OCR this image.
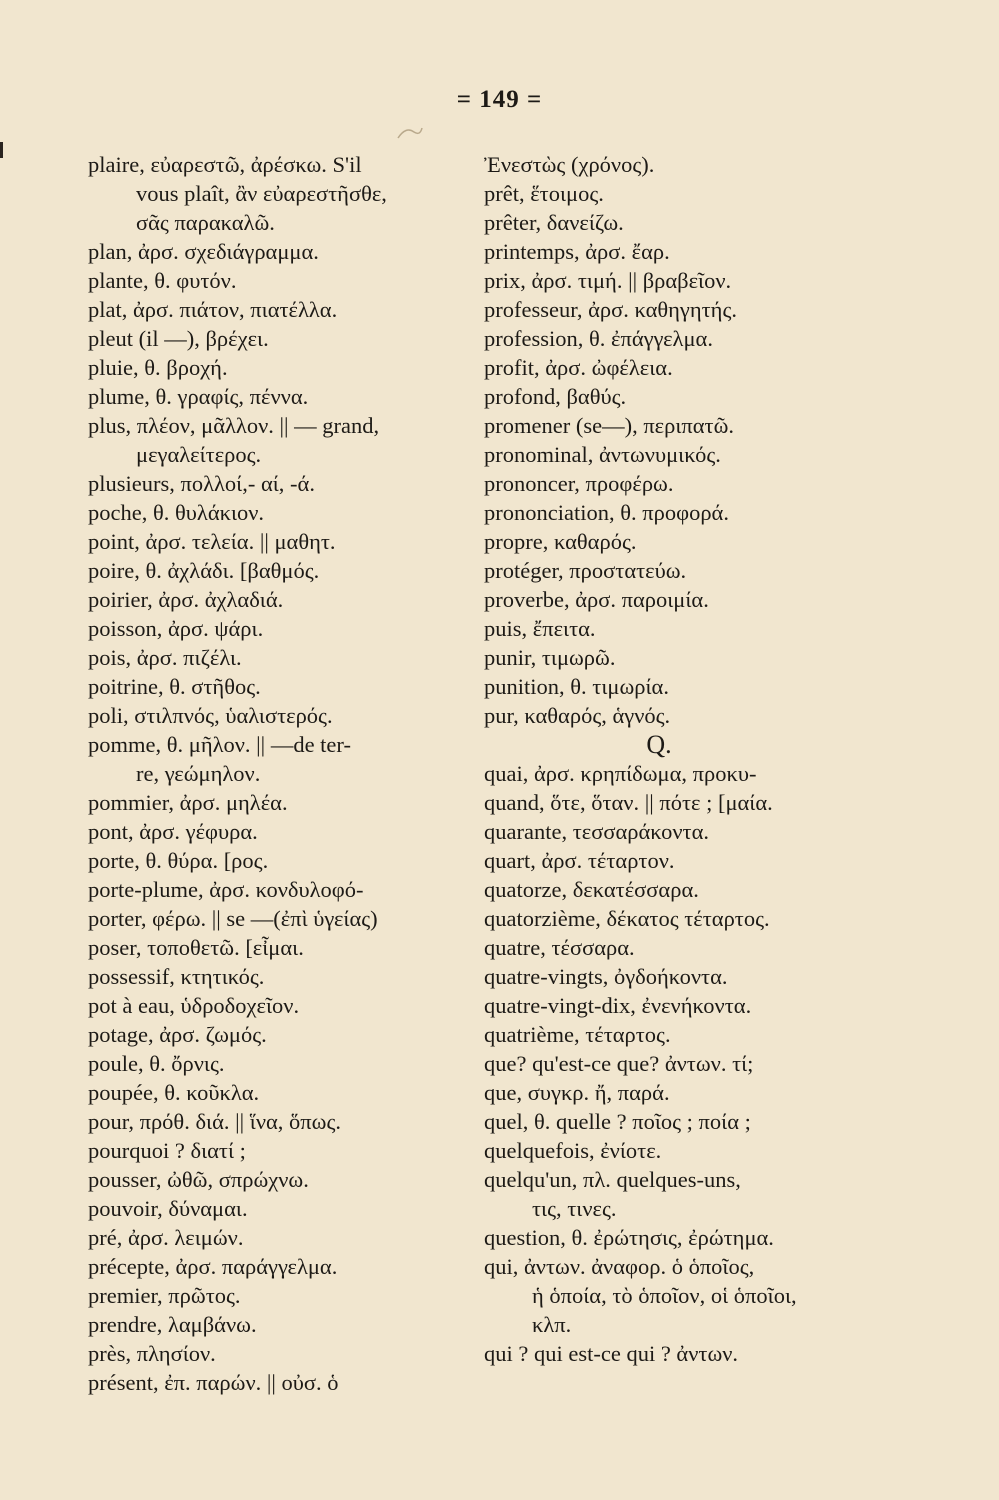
= 149 =
plaire, εὐαρεστῶ, ἀρέσκω. S'il
vous plaît, ἂν εὐαρεστῆσθε,
σᾶς παρακαλῶ.
plan, ἀρσ. σχεδιάγραμμα.
plante, θ. φυτόν.
plat, ἀρσ. πιάτον, πιατέλλα.
pleut (il —), βρέχει.
pluie, θ. βροχή.
plume, θ. γραφίς, πέννα.
plus, πλέον, μᾶλλον. || — grand,
μεγαλείτερος.
plusieurs, πολλοί,- αί, -ά.
poche, θ. θυλάκιον.
point, ἀρσ. τελεία. || μαθητ.
poire, θ. ἀχλάδι. [βαθμός.
poirier, ἀρσ. ἀχλαδιά.
poisson, ἀρσ. ψάρι.
pois, ἀρσ. πιζέλι.
poitrine, θ. στῆθος.
poli, στιλπνός, ὑαλιστερός.
pomme, θ. μῆλον. || —de ter-
re, γεώμηλον.
pommier, ἀρσ. μηλέα.
pont, ἀρσ. γέφυρα.
porte, θ. θύρα. [ρος.
porte-plume, ἀρσ. κονδυλοφό-
porter, φέρω. || se —(ἐπὶ ὑγείας)
poser, τοποθετῶ. [εἶμαι.
possessif, κτητικός.
pot à eau, ὑδροδοχεῖον.
potage, ἀρσ. ζωμός.
poule, θ. ὄρνις.
poupée, θ. κοῦκλα.
pour, πρόθ. διά. || ἵνα, ὅπως.
pourquoi ? διατί ;
pousser, ὠθῶ, σπρώχνω.
pouvoir, δύναμαι.
pré, ἀρσ. λειμών.
précepte, ἀρσ. παράγγελμα.
premier, πρῶτος.
prendre, λαμβάνω.
près, πλησίον.
présent, ἐπ. παρών. || οὐσ. ὁ
Ἐνεστὼς (χρόνος).
prêt, ἕτοιμος.
prêter, δανείζω.
printemps, ἀρσ. ἔαρ.
prix, ἀρσ. τιμή. || βραβεῖον.
professeur, ἀρσ. καθηγητής.
profession, θ. ἐπάγγελμα.
profit, ἀρσ. ὠφέλεια.
profond, βαθύς.
promener (se—), περιπατῶ.
pronominal, ἀντωνυμικός.
prononcer, προφέρω.
prononciation, θ. προφορά.
propre, καθαρός.
protéger, προστατεύω.
proverbe, ἀρσ. παροιμία.
puis, ἔπειτα.
punir, τιμωρῶ.
punition, θ. τιμωρία.
pur, καθαρός, ἁγνός.
Q.
quai, ἀρσ. κρηπίδωμα, προκυ-
quand, ὅτε, ὅταν. || πότε ; [μαία.
quarante, τεσσαράκοντα.
quart, ἀρσ. τέταρτον.
quatorze, δεκατέσσαρα.
quatorzième, δέκατος τέταρτος.
quatre, τέσσαρα.
quatre-vingts, ὀγδοήκοντα.
quatre-vingt-dix, ἐνενήκοντα.
quatrième, τέταρτος.
que? qu'est-ce que? ἀντων. τί;
que, συγκρ. ἤ, παρά.
quel, θ. quelle ? ποῖος ; ποία ;
quelquefois, ἐνίοτε.
quelqu'un, πλ. quelques-uns,
τις, τινες.
question, θ. ἐρώτησις, ἐρώτημα.
qui, ἀντων. ἀναφορ. ὁ ὁποῖος,
ἡ ὁποία, τὸ ὁποῖον, οἱ ὁποῖοι,
κλπ.
qui ? qui est-ce qui ? ἀντων.
